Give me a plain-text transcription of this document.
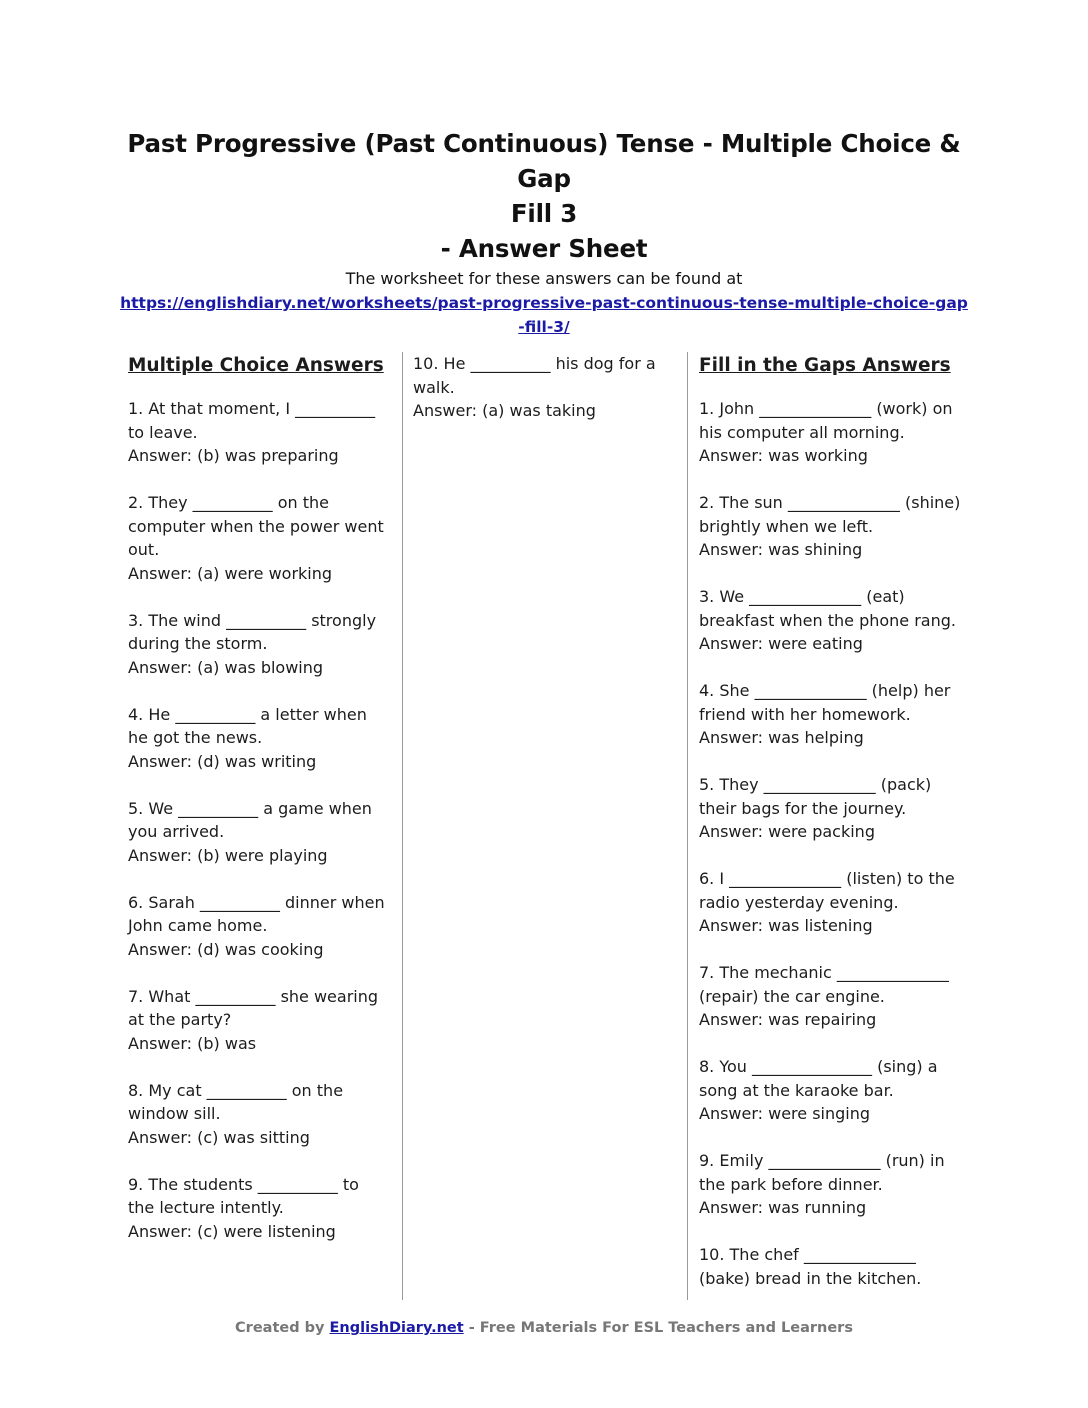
Past Progressive (Past Continuous) Tense - Multiple Choice & Gap
Fill 3
- Answer Sheet
The worksheet for these answers can be found at
https://englishdiary.net/worksheets/past-progressive-past-continuous-tense-multiple-choice-gap
-fill-3/
Multiple Choice Answers

1. At that moment, I __________ to leave.

Answer: (b) was preparing

2. They __________ on the computer when the power went out.

Answer: (a) were working

3. The wind __________ strongly during the storm.

Answer: (a) was blowing

4. He __________ a letter when he got the news.

Answer: (d) was writing

5. We __________ a game when you arrived.

Answer: (b) were playing

6. Sarah __________ dinner when John came home.

Answer: (d) was cooking

7. What __________ she wearing at the party?

Answer: (b) was

8. My cat __________ on the window sill.

Answer: (c) was sitting

9. The students __________ to the lecture intently.

Answer: (c) were listening

10. He __________ his dog for a walk.

Answer: (a) was taking

Fill in the Gaps Answers

1. John ______________ (work) on his computer all morning.

Answer: was working

2. The sun ______________ (shine) brightly when we left.

Answer: was shining

3. We ______________ (eat) breakfast when the phone rang.

Answer: were eating

4. She ______________ (help) her friend with her homework.

Answer: was helping

5. They ______________ (pack) their bags for the journey.

Answer: were packing

6. I ______________ (listen) to the radio yesterday evening.

Answer: was listening

7. The mechanic ______________ (repair) the car engine.

Answer: was repairing

8. You _______________ (sing) a song at the karaoke bar.

Answer: were singing

9. Emily ______________ (run) in the park before dinner.

Answer: was running

10. The chef ______________ (bake) bread in the kitchen.

Created by EnglishDiary.net - Free Materials For ESL Teachers and Learners
